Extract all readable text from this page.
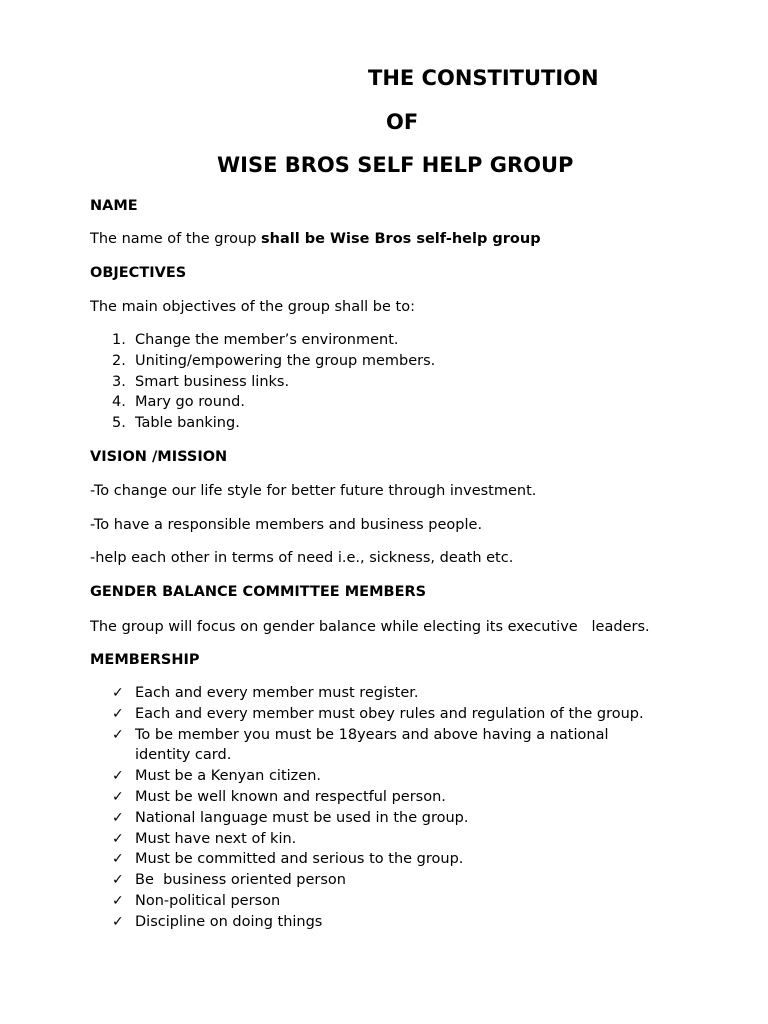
THE CONSTITUTION
OF
WISE BROS SELF HELP GROUP
NAME
The name of the group shall be Wise Bros self-help group
OBJECTIVES
The main objectives of the group shall be to:
1. Change the member’s environment.
2. Uniting/empowering the group members.
3. Smart business links.
4. Mary go round.
5. Table banking.
VISION /MISSION
-To change our life style for better future through investment.
-To have a responsible members and business people.
-help each other in terms of need i.e., sickness, death etc.
GENDER BALANCE COMMITTEE MEMBERS
The group will focus on gender balance while electing its executive   leaders.
MEMBERSHIP
✓ Each and every member must register.
✓ Each and every member must obey rules and regulation of the group.
✓ To be member you must be 18years and above having a national
identity card.
✓ Must be a Kenyan citizen.
✓ Must be well known and respectful person.
✓ National language must be used in the group.
✓ Must have next of kin.
✓ Must be committed and serious to the group.
✓ Be  business oriented person
✓ Non-political person
✓ Discipline on doing things
